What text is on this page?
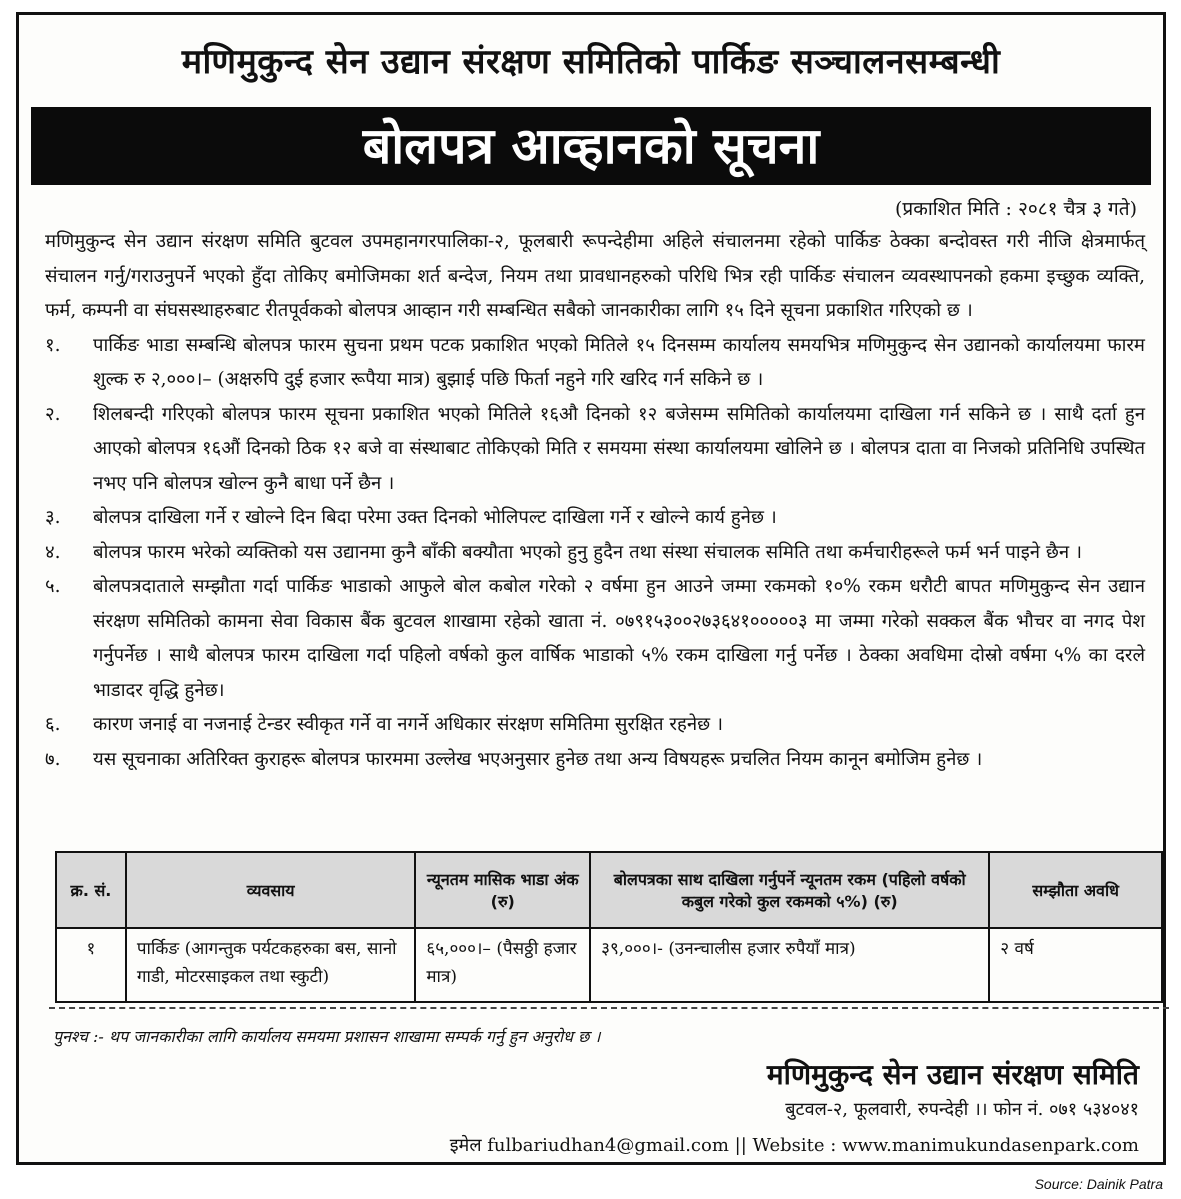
मणिमुकुन्द सेन उद्यान संरक्षण समितिको पार्किङ सञ्चालनसम्बन्धी
बोलपत्र आव्हानको सूचना
(प्रकाशित मिति : २०८१ चैत्र ३ गते)

मणिमुकुन्द सेन उद्यान संरक्षण समिति बुटवल उपमहानगरपालिका-२, फूलबारी रूपन्देहीमा अहिले संचालनमा रहेको पार्किङ ठेक्का बन्दोवस्त गरी नीजि क्षेत्रमार्फत् संचालन गर्नु/गराउनुपर्ने भएको हुँदा तोकिए बमोजिमका शर्त बन्देज, नियम तथा प्रावधानहरुको परिधि भित्र रही पार्किङ संचालन व्यवस्थापनको हकमा इच्छुक व्यक्ति, फर्म, कम्पनी वा संघसस्थाहरुबाट रीतपूर्वकको बोलपत्र आव्हान गरी सम्बन्धित सबैको जानकारीका लागि १५ दिने सूचना प्रकाशित गरिएको छ ।

१.	पार्किङ भाडा सम्बन्धि बोलपत्र फारम सुचना प्रथम पटक प्रकाशित भएको मितिले १५ दिनसम्म कार्यालय समयभित्र मणिमुकुन्द सेन उद्यानको कार्यालयमा फारम शुल्क रु २,०००।– (अक्षरुपि दुई हजार रूपैया मात्र) बुझाई पछि फिर्ता नहुने गरि खरिद गर्न सकिने छ ।
२.	शिलबन्दी गरिएको बोलपत्र फारम सूचना प्रकाशित भएको मितिले १६औ दिनको १२ बजेसम्म समितिको कार्यालयमा दाखिला गर्न सकिने छ । साथै दर्ता हुन आएको बोलपत्र १६औं दिनको ठिक १२ बजे वा संस्थाबाट तोकिएको मिति र समयमा संस्था कार्यालयमा खोलिने छ । बोलपत्र दाता वा निजको प्रतिनिधि उपस्थित नभए पनि बोलपत्र खोल्न कुनै बाधा पर्ने छैन ।
३.	बोलपत्र दाखिला गर्ने र खोल्ने दिन बिदा परेमा उक्त दिनको भोलिपल्ट दाखिला गर्ने र खोल्ने कार्य हुनेछ ।
४.	बोलपत्र फारम भरेको व्यक्तिको यस उद्यानमा कुनै बाँकी बक्यौता भएको हुनु हुदैन तथा संस्था संचालक समिति तथा कर्मचारीहरूले फर्म भर्न पाइने छैन ।
५.	बोलपत्रदाताले सम्झौता गर्दा पार्किङ भाडाको आफुले बोल कबोल गरेको २ वर्षमा हुन आउने जम्मा रकमको १०% रकम धरौटी बापत मणिमुकुन्द सेन उद्यान संरक्षण समितिको कामना सेवा विकास बैंक बुटवल शाखामा रहेको खाता नं. ०७९१५३००२७३६४१०००००३ मा जम्मा गरेको सक्कल बैंक भौचर वा नगद पेश गर्नुपर्नेछ । साथै बोलपत्र फारम दाखिला गर्दा पहिलो वर्षको कुल वार्षिक भाडाको ५% रकम दाखिला गर्नु पर्नेछ । ठेक्का अवधिमा दोस्रो वर्षमा ५% का दरले भाडादर वृद्धि हुनेछ।
६.	कारण जनाई वा नजनाई टेन्डर स्वीकृत गर्ने वा नगर्ने अधिकार संरक्षण समितिमा सुरक्षित रहनेछ ।
७.	यस सूचनाका अतिरिक्त कुराहरू बोलपत्र फारममा उल्लेख भएअनुसार हुनेछ तथा अन्य विषयहरू प्रचलित नियम कानून बमोजिम हुनेछ ।
क्र. सं.	व्यवसाय	न्यूनतम मासिक भाडा अंक (रु)	बोलपत्रका साथ दाखिला गर्नुपर्ने न्यूनतम रकम (पहिलो वर्षको कबुल गरेको कुल रकमको ५%) (रु)	सम्झौता अवधि
१	पार्किङ (आगन्तुक पर्यटकहरुका बस, सानो गाडी, मोटरसाइकल तथा स्कुटी)	६५,०००।– (पैसठ्ठी हजार मात्र)	३९,०००।- (उनन्चालीस हजार रुपैयाँ मात्र)	२ वर्ष
पुनश्च :- थप जानकारीका लागि कार्यालय समयमा प्रशासन शाखामा सम्पर्क गर्नु हुन अनुरोध छ ।
मणिमुकुन्द सेन उद्यान संरक्षण समिति
बुटवल-२, फूलवारी, रुपन्देही ।। फोन नं. ०७१ ५३४०४१
इमेल fulbariudhan4@gmail.com || Website : www.manimukundasenpark.com
Source: Dainik Patra
